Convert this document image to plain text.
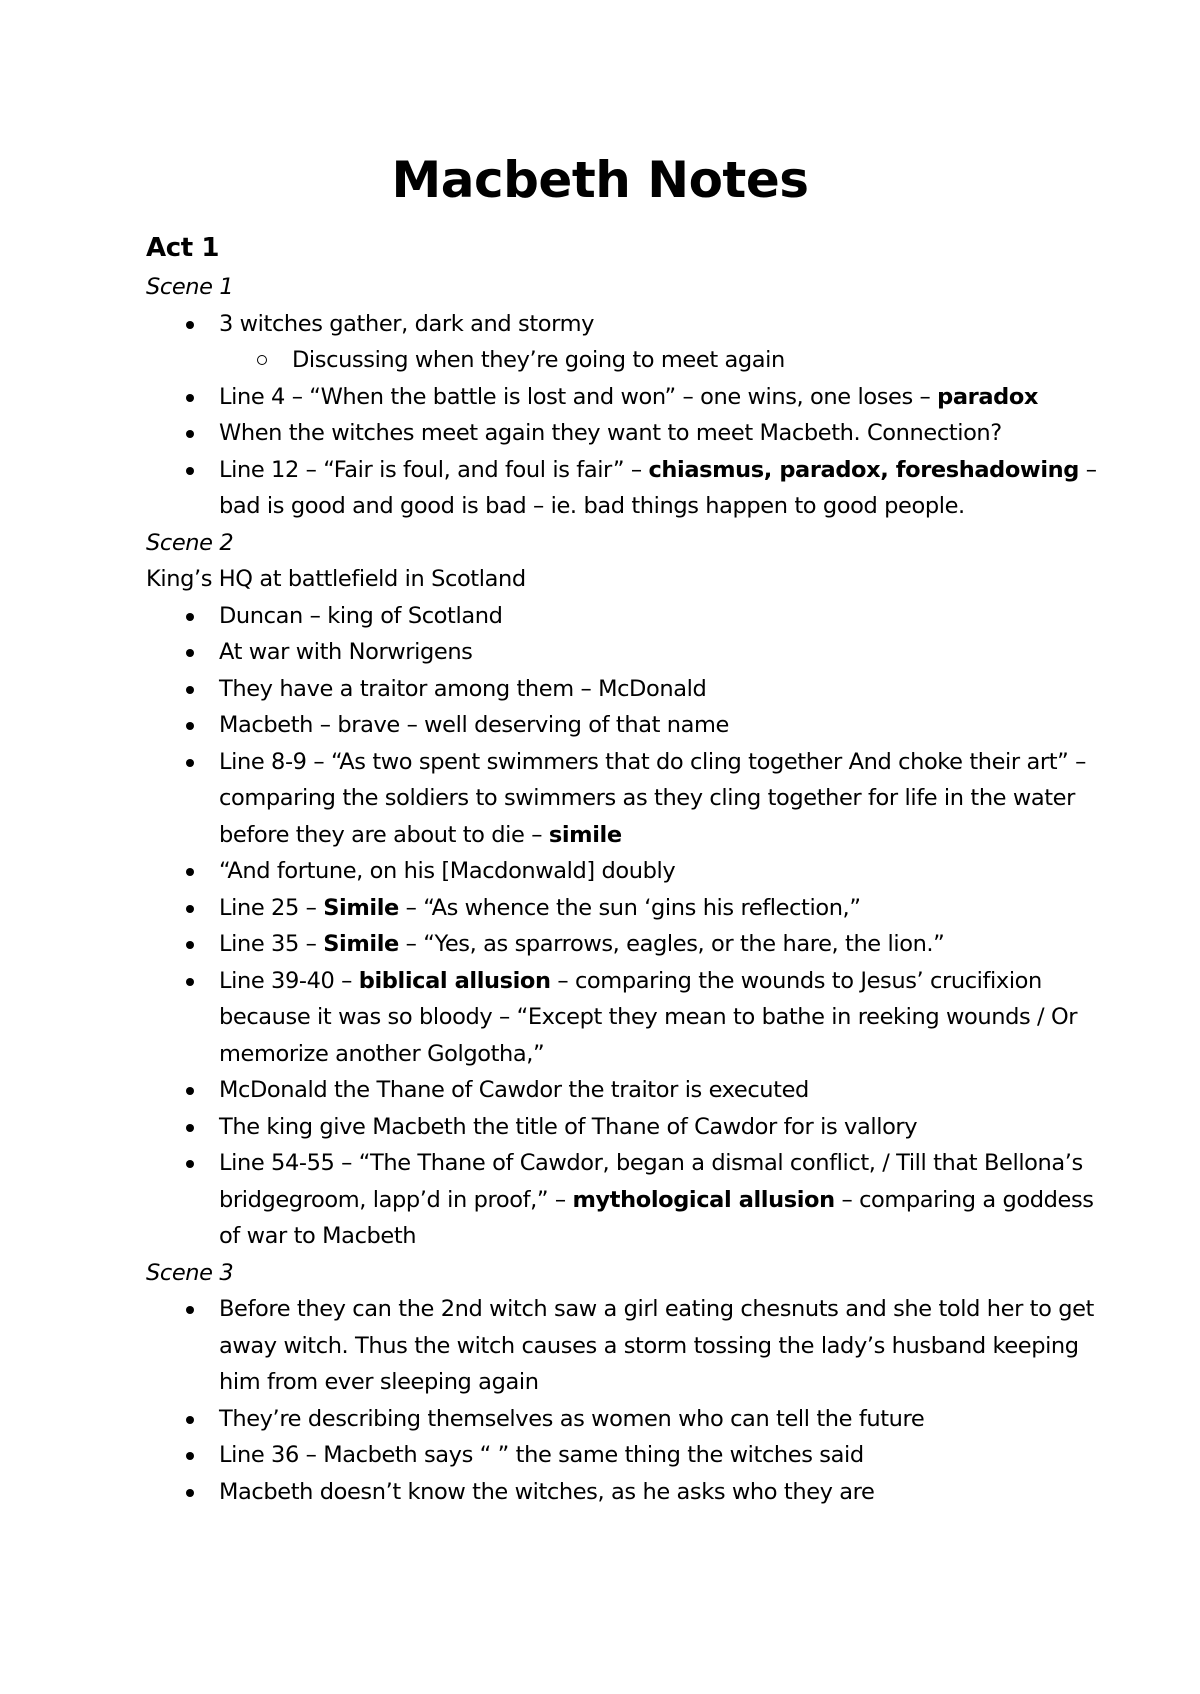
Macbeth Notes
Act 1

Scene 1

3 witches gather, dark and stormy
Discussing when they’re going to meet again
Line 4 – “When the battle is lost and won” – one wins, one loses – paradox
When the witches meet again they want to meet Macbeth. Connection?
Line 12 – “Fair is foul, and foul is fair” – chiasmus, paradox, foreshadowing – bad is good and good is bad – ie. bad things happen to good people.

Scene 2

King’s HQ at battlefield in Scotland

Duncan – king of Scotland
At war with Norwrigens
They have a traitor among them – McDonald
Macbeth – brave – well deserving of that name
Line 8-9 – “As two spent swimmers that do cling together And choke their art” – comparing the soldiers to swimmers as they cling together for life in the water before they are about to die – simile
“And fortune, on his [Macdonwald] doubly
Line 25 – Simile – “As whence the sun ‘gins his reflection,”
Line 35 – Simile – “Yes, as sparrows, eagles, or the hare, the lion.”
Line 39-40 – biblical allusion – comparing the wounds to Jesus’ crucifixion because it was so bloody – “Except they mean to bathe in reeking wounds / Or memorize another Golgotha,”
McDonald the Thane of Cawdor the traitor is executed
The king give Macbeth the title of Thane of Cawdor for is vallory
Line 54-55 – “The Thane of Cawdor, began a dismal conflict, / Till that Bellona’s bridgegroom, lapp’d in proof,” – mythological allusion – comparing a goddess of war to Macbeth

Scene 3

Before they can the 2nd witch saw a girl eating chesnuts and she told her to get away witch. Thus the witch causes a storm tossing the lady’s husband keeping him from ever sleeping again
They’re describing themselves as women who can tell the future
Line 36 – Macbeth says “ ” the same thing the witches said
Macbeth doesn’t know the witches, as he asks who they are
